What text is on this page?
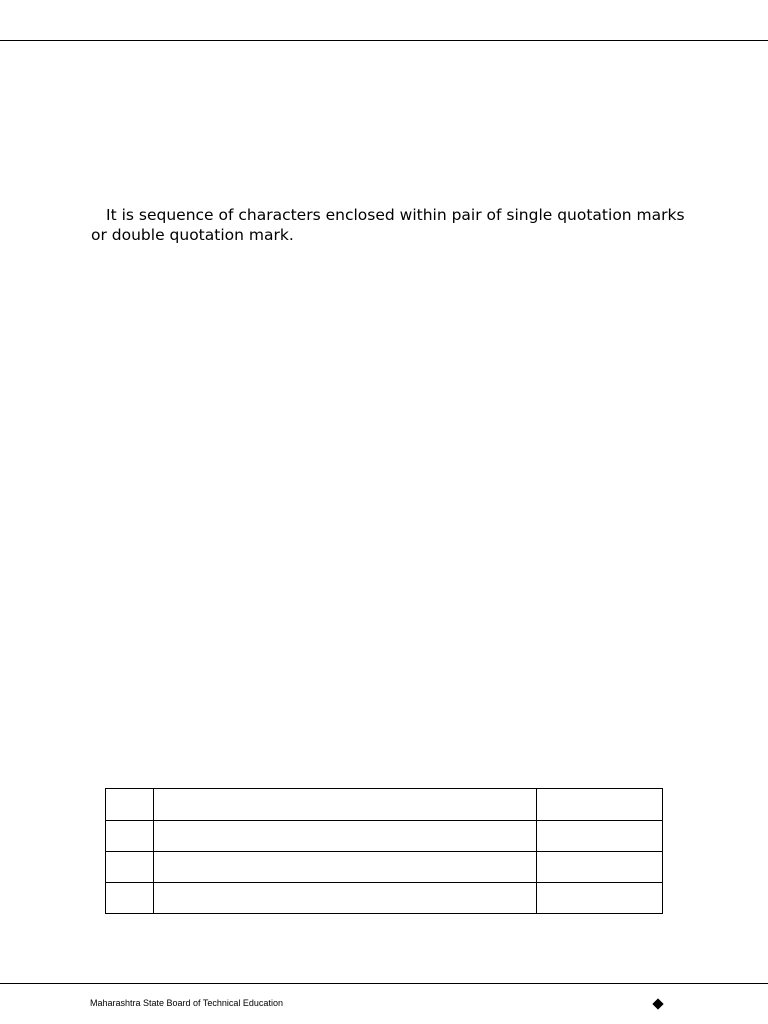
It is sequence of characters enclosed within pair of single quotation marks or double quotation mark.

Maharashtra State Board of Technical Education
